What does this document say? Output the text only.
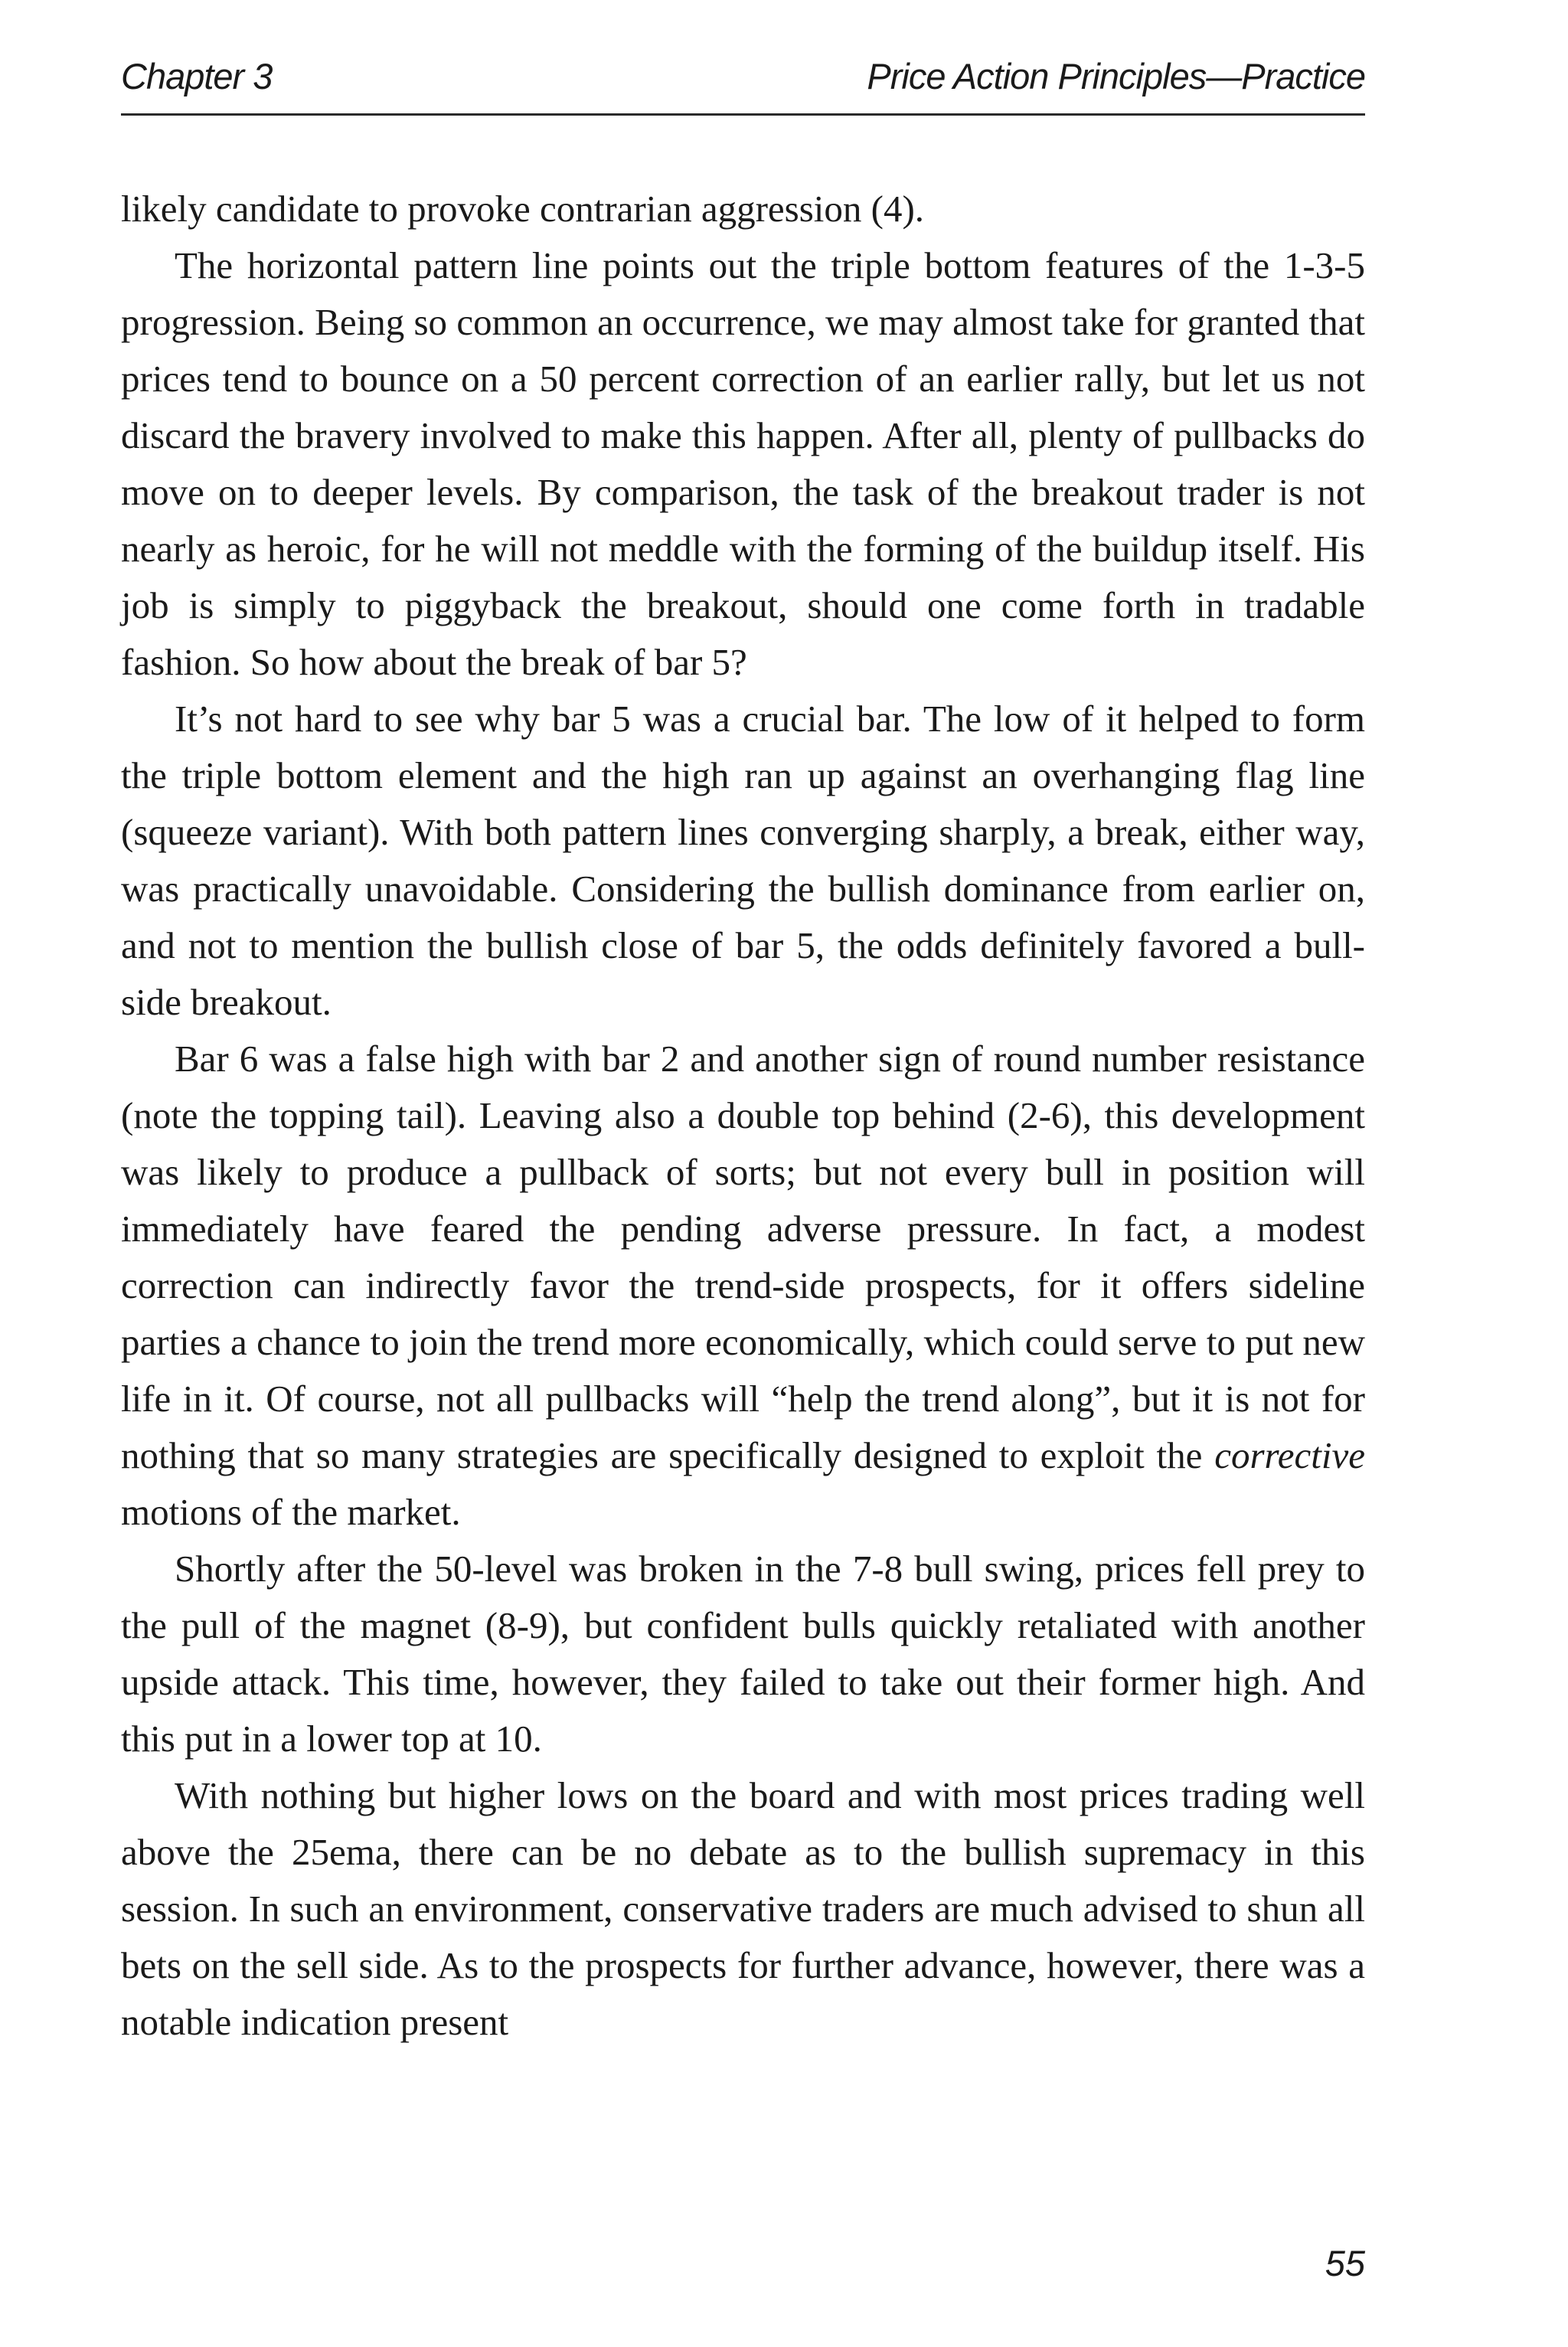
Chapter 3	Price Action Principles—Practice

likely candidate to provoke contrarian aggression (4).

The horizontal pattern line points out the triple bottom features of the 1-3-5 progression. Being so common an occurrence, we may almost take for granted that prices tend to bounce on a 50 percent correction of an earlier rally, but let us not discard the bravery involved to make this happen. After all, plenty of pullbacks do move on to deeper levels. By comparison, the task of the breakout trader is not nearly as heroic, for he will not meddle with the forming of the buildup itself. His job is simply to piggyback the breakout, should one come forth in tradable fashion. So how about the break of bar 5?

It’s not hard to see why bar 5 was a crucial bar. The low of it helped to form the triple bottom element and the high ran up against an overhanging flag line (squeeze variant). With both pattern lines converging sharply, a break, either way, was practically unavoidable. Considering the bullish dominance from earlier on, and not to mention the bullish close of bar 5, the odds definitely favored a bull-side breakout.

Bar 6 was a false high with bar 2 and another sign of round number resistance (note the topping tail). Leaving also a double top behind (2-6), this development was likely to produce a pullback of sorts; but not every bull in position will immediately have feared the pending adverse pressure. In fact, a modest correction can indirectly favor the trend-side prospects, for it offers sideline parties a chance to join the trend more economically, which could serve to put new life in it. Of course, not all pullbacks will “help the trend along”, but it is not for nothing that so many strategies are specifically designed to exploit the corrective motions of the market.

Shortly after the 50-level was broken in the 7-8 bull swing, prices fell prey to the pull of the magnet (8-9), but confident bulls quickly retaliated with another upside attack. This time, however, they failed to take out their former high. And this put in a lower top at 10.

With nothing but higher lows on the board and with most prices trading well above the 25ema, there can be no debate as to the bullish supremacy in this session. In such an environment, conservative traders are much advised to shun all bets on the sell side. As to the prospects for further advance, however, there was a notable indication present

55
